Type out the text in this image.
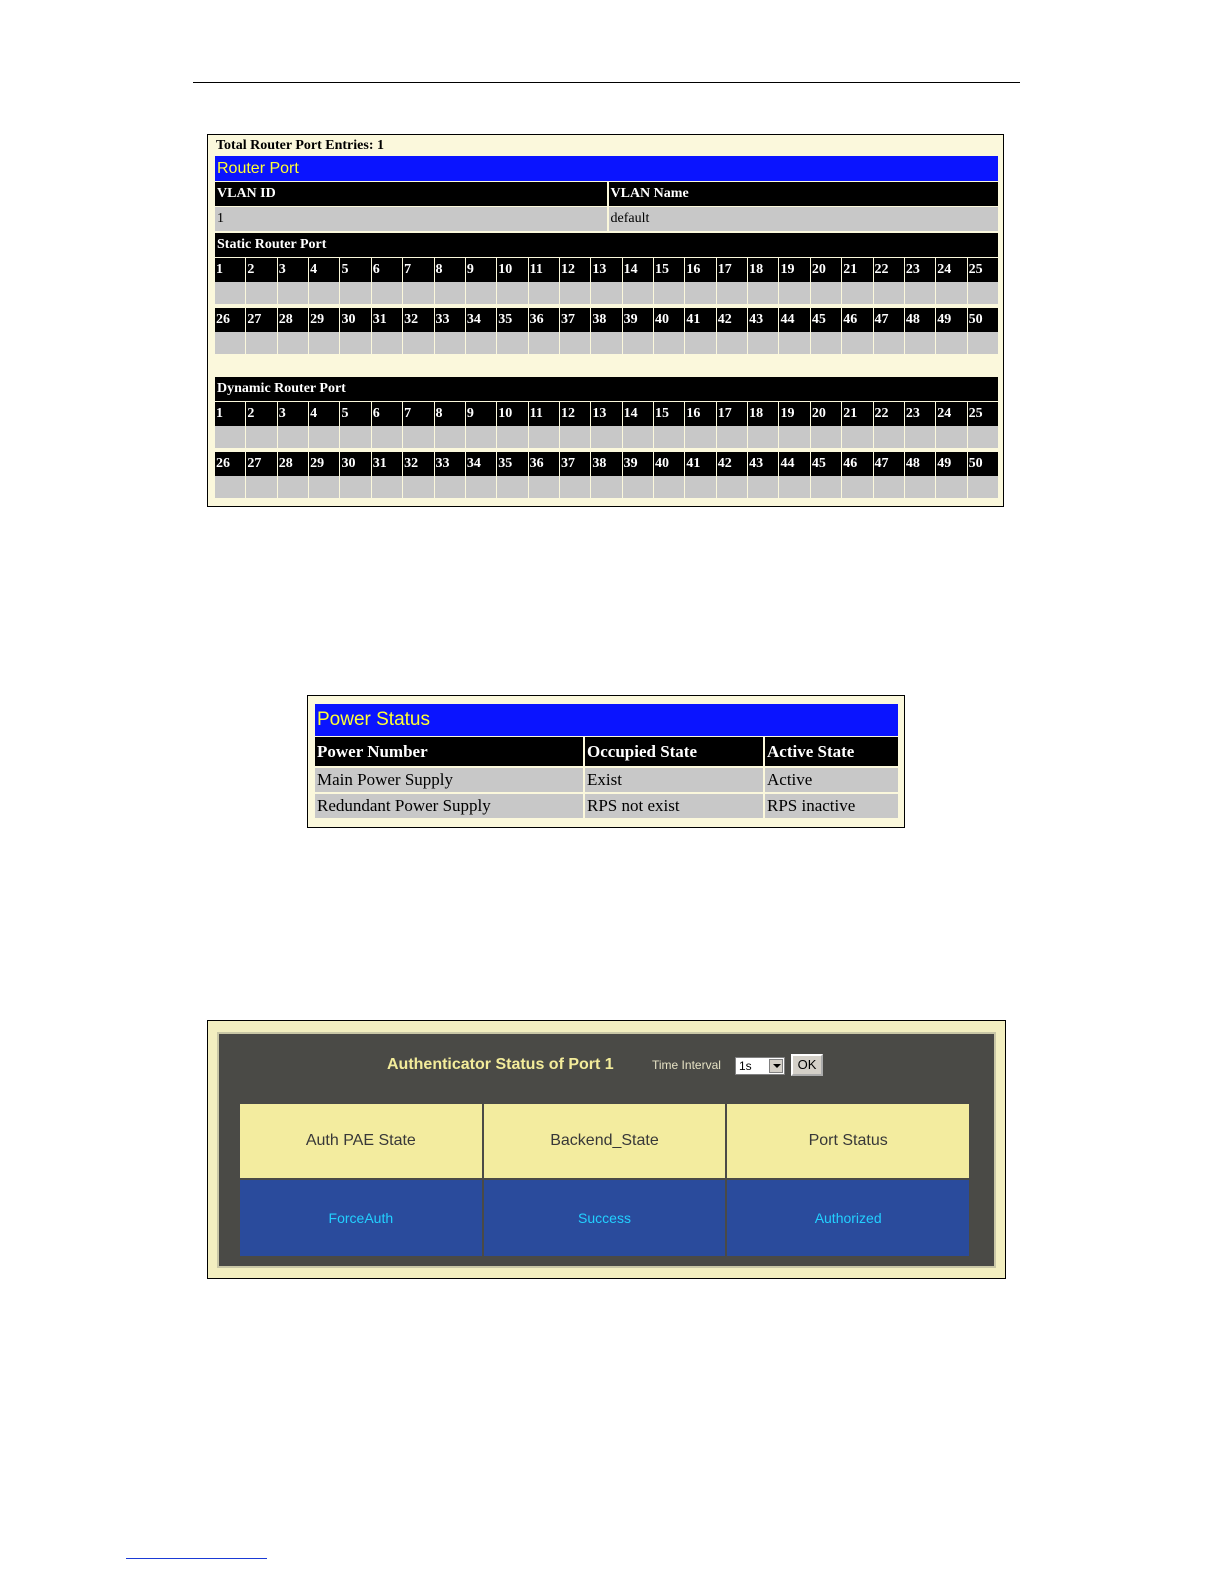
Total Router Port Entries: 1
Router Port
VLAN ID	VLAN Name
1	default
Static Router Port
1	2	3	4	5	6	7	8	9	10	11	12	13	14	15	16	17	18	19	20	21	22	23	24	25
26	27	28	29	30	31	32	33	34	35	36	37	38	39	40	41	42	43	44	45	46	47	48	49	50
Dynamic Router Port
1	2	3	4	5	6	7	8	9	10	11	12	13	14	15	16	17	18	19	20	21	22	23	24	25
26	27	28	29	30	31	32	33	34	35	36	37	38	39	40	41	42	43	44	45	46	47	48	49	50
Power Status
Power Number	Occupied State	Active State
Main Power Supply	Exist	Active
Redundant Power Supply	RPS not exist	RPS inactive
Authenticator Status of Port 1	Time Interval	1s	OK
Auth PAE State	Backend_State	Port Status
ForceAuth	Success	Authorized
